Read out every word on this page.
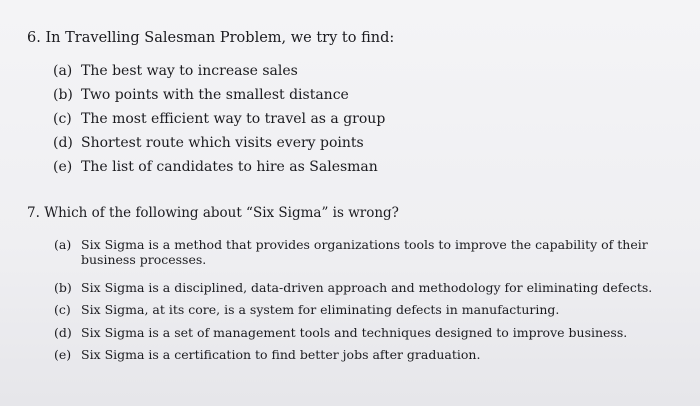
6. In Travelling Salesman Problem, we try to find:
(a) The best way to increase sales
(b) Two points with the smallest distance
(c) The most efficient way to travel as a group
(d) Shortest route which visits every points
(e) The list of candidates to hire as Salesman
7. Which of the following about “Six Sigma” is wrong?
(a) Six Sigma is a method that provides organizations tools to improve the capability of their business processes.
(b) Six Sigma is a disciplined, data-driven approach and methodology for eliminating defects.
(c) Six Sigma, at its core, is a system for eliminating defects in manufacturing.
(d) Six Sigma is a set of management tools and techniques designed to improve business.
(e) Six Sigma is a certification to find better jobs after graduation.
